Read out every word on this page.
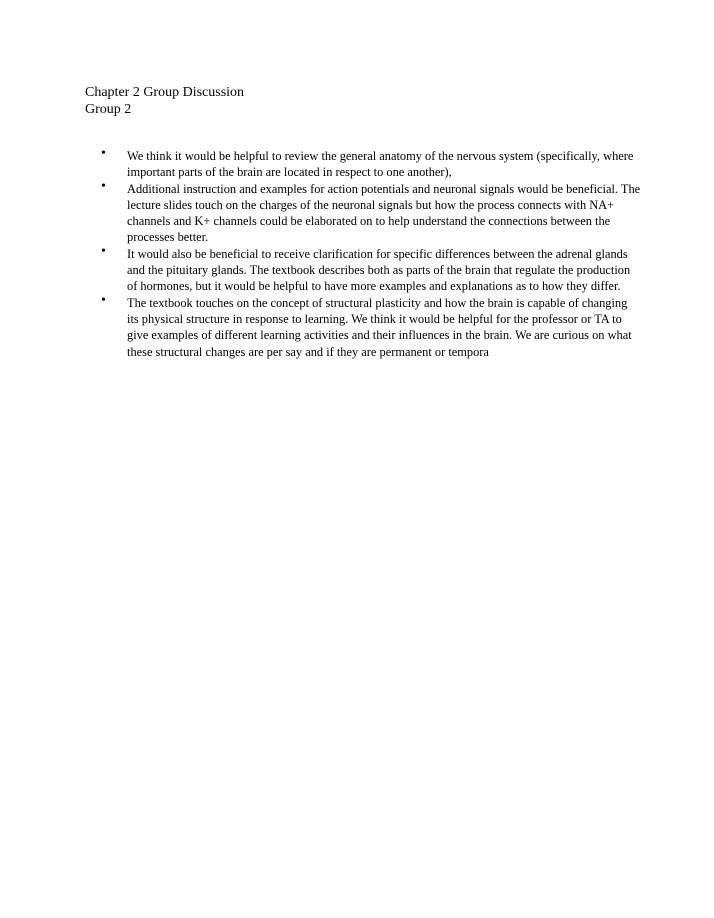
Chapter 2 Group Discussion
Group 2
• We think it would be helpful to review the general anatomy of the nervous system (specifically, where important parts of the brain are located in respect to one another),
• Additional instruction and examples for action potentials and neuronal signals would be beneficial. The lecture slides touch on the charges of the neuronal signals but how the process connects with NA+ channels and K+ channels could be elaborated on to help understand the connections between the processes better.
• It would also be beneficial to receive clarification for specific differences between the adrenal glands and the pituitary glands. The textbook describes both as parts of the brain that regulate the production of hormones, but it would be helpful to have more examples and explanations as to how they differ.
• The textbook touches on the concept of structural plasticity and how the brain is capable of changing its physical structure in response to learning. We think it would be helpful for the professor or TA to give examples of different learning activities and their influences in the brain. We are curious on what these structural changes are per say and if they are permanent or tempora
